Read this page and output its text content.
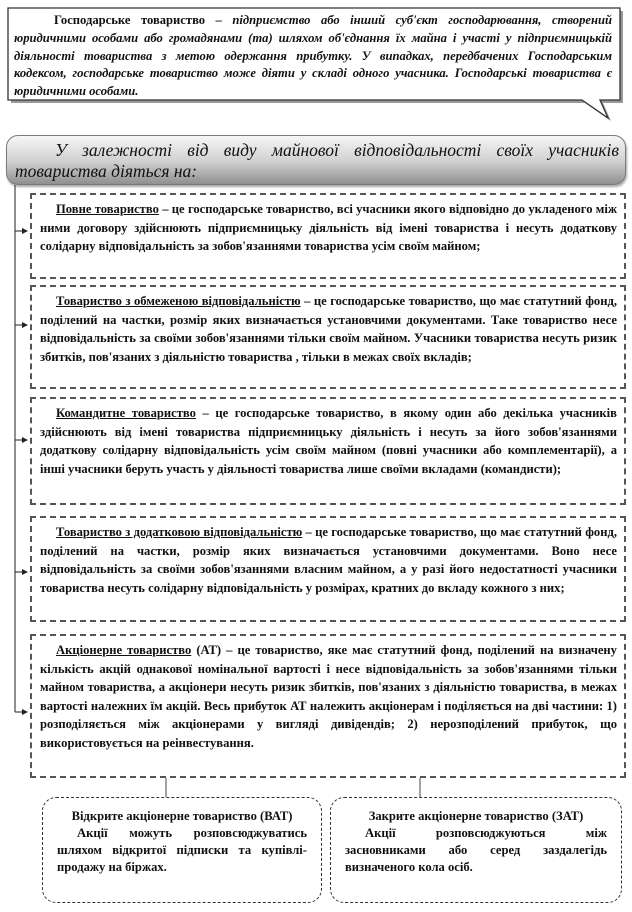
Господарське товариство – підприємство або інший суб'єкт господарювання, створений юридичними особами або громадянами (та) шляхом об'єднання їх майна і участі у підприємницькій діяльності товариства з метою одержання прибутку. У випадках, передбачених Господарським кодексом, господарське товариство може діяти у складі одного учасника. Господарські товариства є юридичними особами.
У залежності від виду майнової відповідальності своїх учасників товариства діяться на:
Повне товариство – це господарське товариство, всі учасники якого відповідно до укладеного між ними договору здійснюють підприємницьку діяльність від імені товариства і несуть додаткову солідарну відповідальність за зобов'язаннями товариства усім своїм майном;
Товариство з обмеженою відповідальністю – це господарське товариство, що має статутний фонд, поділений на частки, розмір яких визначається установчими документами. Таке товариство несе відповідальність за своїми зобов'язаннями тільки своїм майном. Учасники товариства несуть ризик збитків, пов'язаних з діяльністю товариства , тільки в межах своїх вкладів;
Командитне товариство – це господарське товариство, в якому один або декілька учасників здійснюють від імені товариства підприємницьку діяльність і несуть за його зобов'язаннями додаткову солідарну відповідальність усім своїм майном (повні учасники або комплементарії), а інші учасники беруть участь у діяльності товариства лише своїми вкладами (командисти);
Товариство з додатковою відповідальністю – це господарське товариство, що має статутний фонд, поділений на частки, розмір яких визначається установчими документами. Воно несе відповідальність за своїми зобов'язаннями власним майном, а у разі його недостатності учасники товариства несуть солідарну відповідальність у розмірах, кратних до вкладу кожного з них;
Акціонерне товариство (АТ) – це товариство, яке має статутний фонд, поділений на визначену кількість акцій однакової номінальної вартості і несе відповідальність за зобов'язаннями тільки майном товариства, а акціонери несуть ризик збитків, пов'язаних з діяльністю товариства, в межах вартості належних їм акцій. Весь прибуток АТ належить акціонерам і поділяється на дві частини: 1) розподіляється між акціонерами у вигляді дивідендів; 2) нерозподілений прибуток, що використовується на реінвестування.
Відкрите акціонерне товариство (ВАТ)
Акції можуть розповсюджуватись шляхом відкритої підписки та купівлі-продажу на біржах.
Закрите акціонерне товариство (ЗАТ)
Акції розповсюджуються між засновниками або серед заздалегідь визначеного кола осіб.
